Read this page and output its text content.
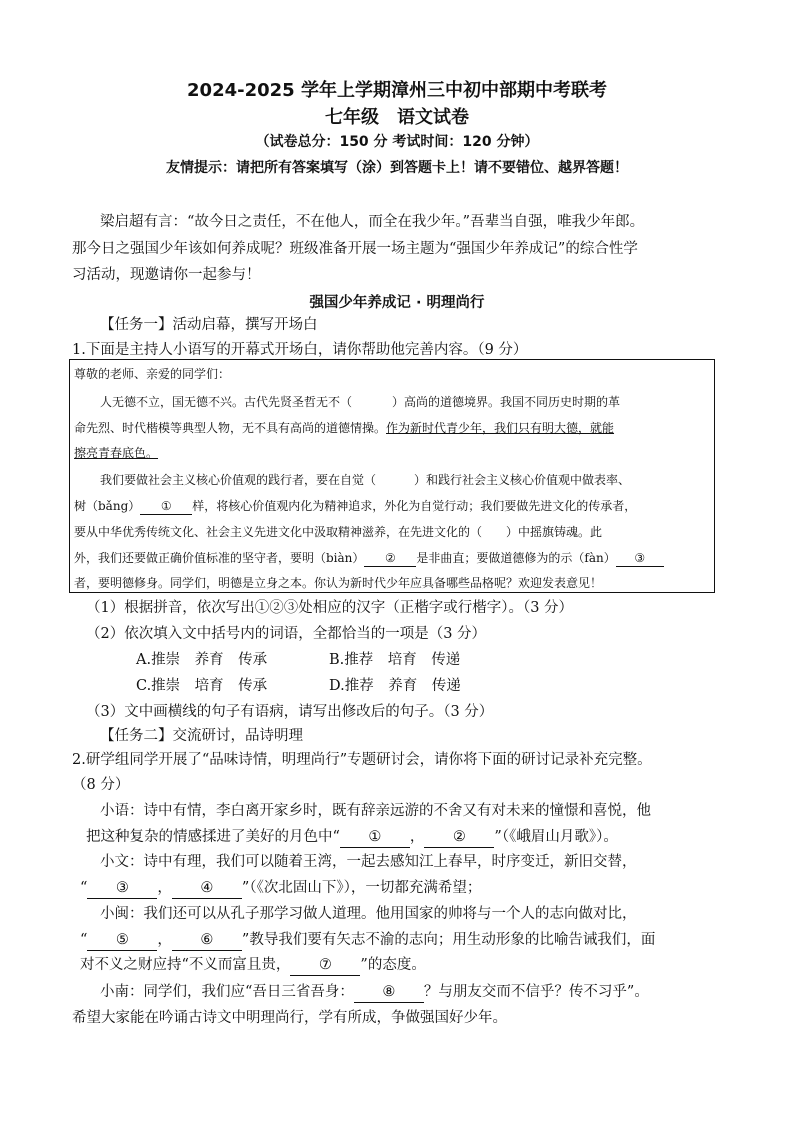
2024-2025 学年上学期漳州三中初中部期中考联考
七年级　语文试卷
（试卷总分：150 分 考试时间：120 分钟）
友情提示：请把所有答案填写（涂）到答题卡上！请不要错位、越界答题！
梁启超有言：“故今日之责任，不在他人，而全在我少年。”吾辈当自强，唯我少年郎。
那今日之强国少年该如何养成呢？班级准备开展一场主题为“强国少年养成记”的综合性学
习活动，现邀请你一起参与！
强国少年养成记 · 明理尚行
【任务一】活动启幕，撰写开场白
1.下面是主持人小语写的开幕式开场白，请你帮助他完善内容。（9 分）
尊敬的老师、亲爱的同学们：
人无德不立，国无德不兴。古代先贤圣哲无不（	）高尚的道德境界。我国不同历史时期的革
命先烈、时代楷模等典型人物，无不具有高尚的道德情操。作为新时代青少年，我们只有明大德，就能
擦亮青春底色。
我们要做社会主义核心价值观的践行者，要在自觉（	）和践行社会主义核心价值观中做表率、
树（bǎng） ① 样，将核心价值观内化为精神追求，外化为自觉行动；我们要做先进文化的传承者，
要从中华优秀传统文化、社会主义先进文化中汲取精神滋养，在先进文化的（　　）中摇旗铸魂。此
外，我们还要做正确价值标准的坚守者，要明（biàn） ② 是非曲直；要做道德修为的示（fàn） ③
者，要明德修身。同学们，明德是立身之本。你认为新时代少年应具备哪些品格呢？欢迎发表意见！
（1）根据拼音，依次写出①②③处相应的汉字（正楷字或行楷字）。（3 分）
（2）依次填入文中括号内的词语，全都恰当的一项是（3 分）
A.推崇　养育　传承	B.推荐　培育　传递
C.推崇　培育　传承	D.推荐　养育　传递
（3）文中画横线的句子有语病，请写出修改后的句子。（3 分）
【任务二】交流研讨，品诗明理
2.研学组同学开展了“品味诗情，明理尚行”专题研讨会，请你将下面的研讨记录补充完整。
（8 分）
小语：诗中有情，李白离开家乡时，既有辞亲远游的不舍又有对未来的憧憬和喜悦，他
把这种复杂的情感揉进了美好的月色中“ ① ， ② ”（《峨眉山月歌》）。
小文：诗中有理，我们可以随着王湾，一起去感知江上春早，时序变迁，新旧交替，
“ ③ ， ④ ”（《次北固山下》），一切都充满希望；
小闽：我们还可以从孔子那学习做人道理。他用国家的帅将与一个人的志向做对比，
“ ⑤ ， ⑥ ”教导我们要有矢志不渝的志向；用生动形象的比喻告诫我们，面
对不义之财应持“不义而富且贵， ⑦ ”的态度。
小南：同学们，我们应“吾日三省吾身： ⑧ ？与朋友交而不信乎？传不习乎”。
希望大家能在吟诵古诗文中明理尚行，学有所成，争做强国好少年。
